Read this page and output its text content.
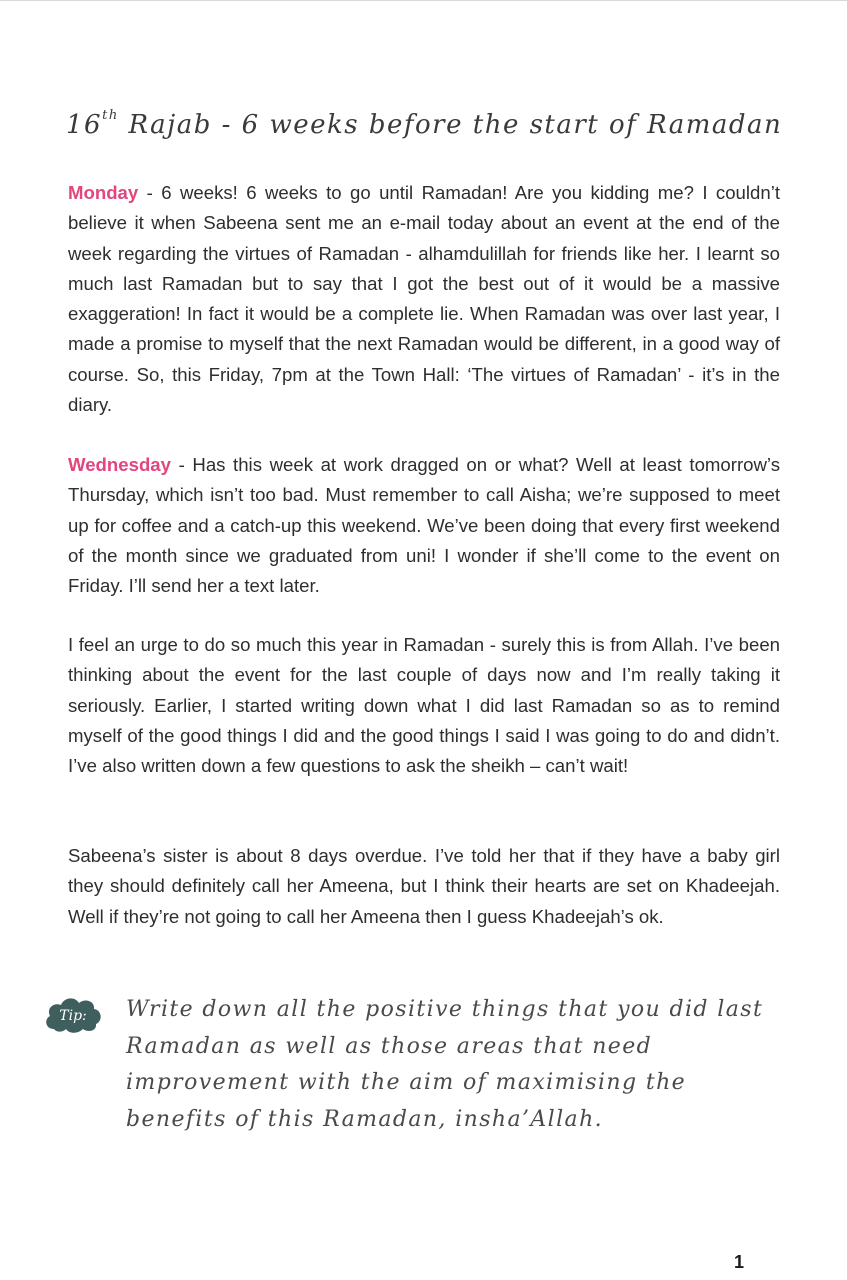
16th Rajab - 6 weeks before the start of Ramadan
Monday - 6 weeks! 6 weeks to go until Ramadan! Are you kidding me? I couldn’t believe it when Sabeena sent me an e-mail today about an event at the end of the week regarding the virtues of Ramadan - alhamdulillah for friends like her. I learnt so much last Ramadan but to say that I got the best out of it would be a massive exaggeration! In fact it would be a complete lie. When Ramadan was over last year, I made a promise to myself that the next Ramadan would be different, in a good way of course. So, this Friday, 7pm at the Town Hall: ‘The virtues of Ramadan’ - it’s in the diary.
Wednesday - Has this week at work dragged on or what? Well at least tomorrow’s Thursday, which isn’t too bad. Must remember to call Aisha; we’re supposed to meet up for coffee and a catch-up this weekend. We’ve been doing that every first weekend of the month since we graduated from uni! I wonder if she’ll come to the event on Friday. I’ll send her a text later.
I feel an urge to do so much this year in Ramadan - surely this is from Allah. I’ve been thinking about the event for the last couple of days now and I’m really taking it seriously. Earlier, I started writing down what I did last Ramadan so as to remind myself of the good things I did and the good things I said I was going to do and didn’t. I’ve also written down a few questions to ask the sheikh – can’t wait!
Sabeena’s sister is about 8 days overdue. I’ve told her that if they have a baby girl they should definitely call her Ameena, but I think their hearts are set on Khadeejah. Well if they’re not going to call her Ameena then I guess Khadeejah’s ok.
Tip: Write down all the positive things that you did last Ramadan as well as those areas that need improvement with the aim of maximising the benefits of this Ramadan, insha’Allah.
1
